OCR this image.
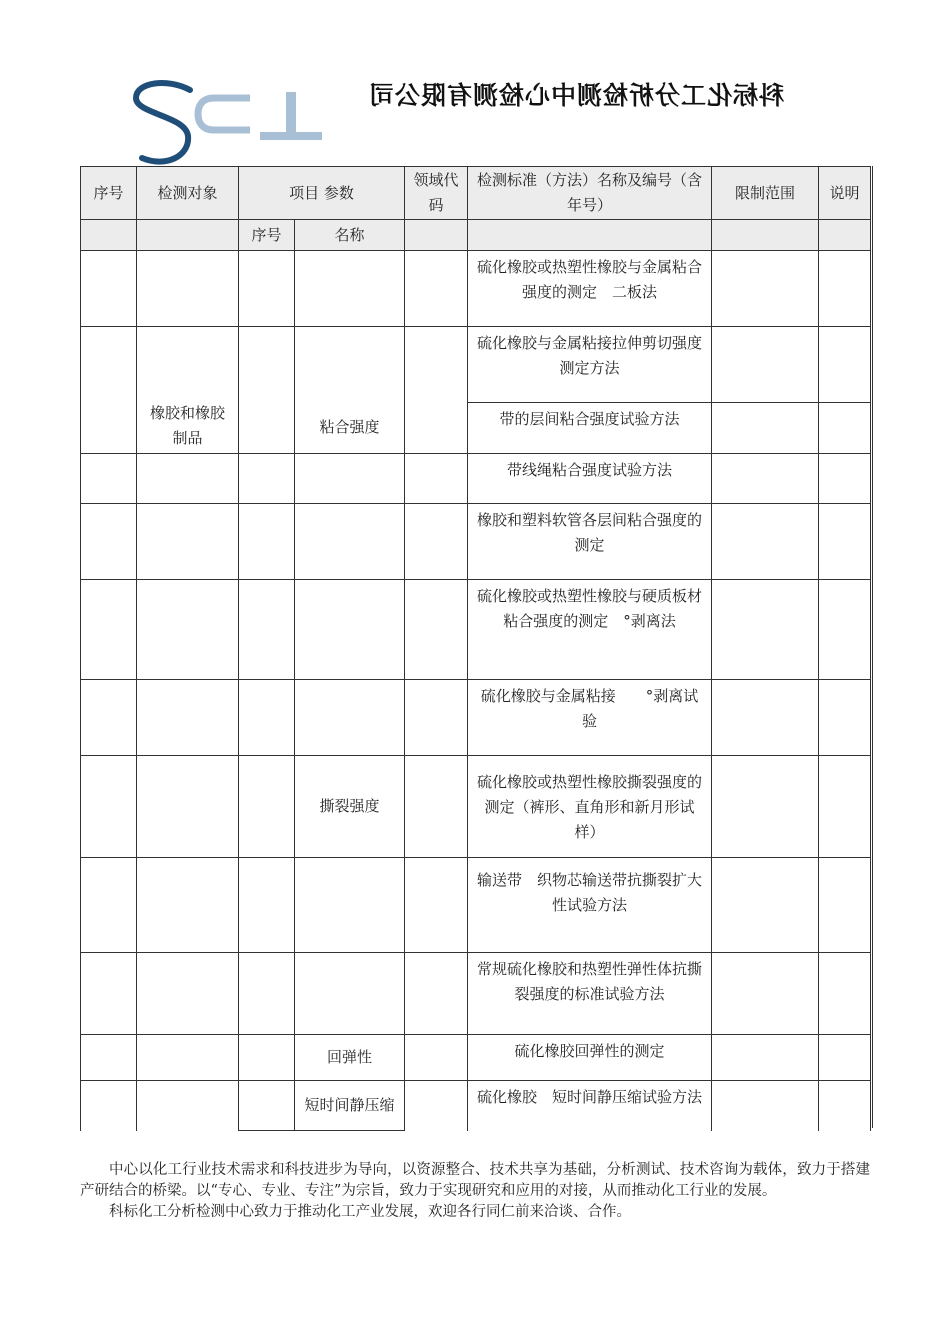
科标化工分析检测中心检测有限公司
序号	检测对象	项目 参数		领域代码	检测标准（方法）名称及编号（含年号）	限制范围	说明
		序号	名称				
					硫化橡胶或热塑性橡胶与金属粘合强度的测定　二板法		
	橡胶和橡胶制品		粘合强度		硫化橡胶与金属粘接拉伸剪切强度测定方法		
					带的层间粘合强度试验方法		
					带线绳粘合强度试验方法		
					橡胶和塑料软管各层间粘合强度的测定		
					硫化橡胶或热塑性橡胶与硬质板材粘合强度的测定　°剥离法		
					硫化橡胶与金属粘接　　°剥离试验		
			撕裂强度		硫化橡胶或热塑性橡胶撕裂强度的测定（裤形、直角形和新月形试样）		
					输送带　织物芯输送带抗撕裂扩大性试验方法		
					常规硫化橡胶和热塑性弹性体抗撕裂强度的标准试验方法		
			回弹性		硫化橡胶回弹性的测定		
			短时间静压缩		硫化橡胶　短时间静压缩试验方法		

中心以化工行业技术需求和科技进步为导向，以资源整合、技术共享为基础，分析测试、技术咨询为载体，致力于搭建产研结合的桥梁。以“专心、专业、专注”为宗旨，致力于实现研究和应用的对接，从而推动化工行业的发展。

科标化工分析检测中心致力于推动化工产业发展，欢迎各行同仁前来洽谈、合作。
